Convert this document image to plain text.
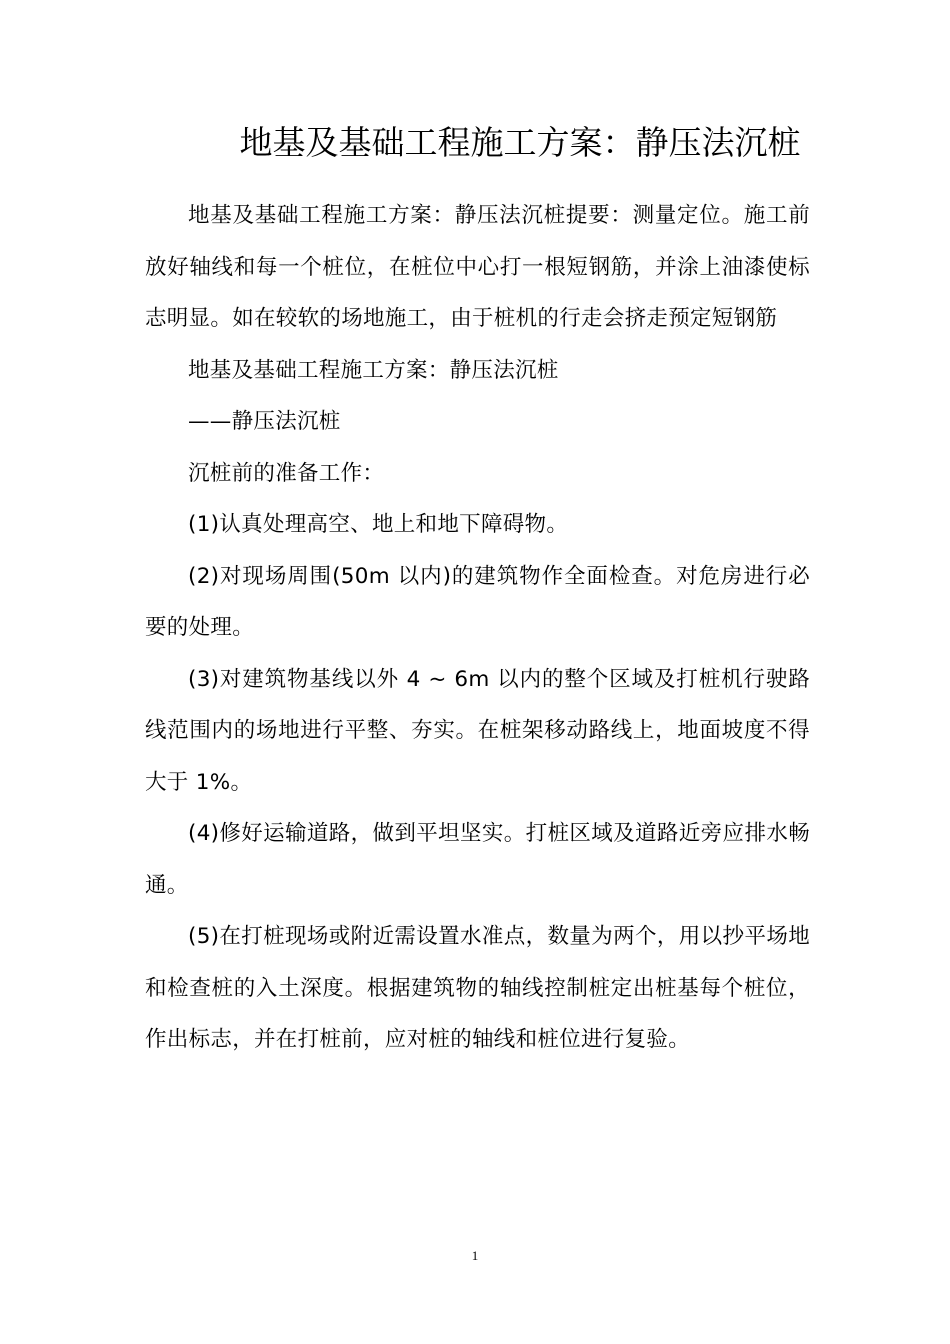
地基及基础工程施工方案：静压法沉桩

地基及基础工程施工方案：静压法沉桩提要：测量定位。施工前放好轴线和每一个桩位，在桩位中心打一根短钢筋，并涂上油漆使标志明显。如在较软的场地施工，由于桩机的行走会挤走预定短钢筋

地基及基础工程施工方案：静压法沉桩

——静压法沉桩

沉桩前的准备工作：

(1)认真处理高空、地上和地下障碍物。

(2)对现场周围(50m 以内)的建筑物作全面检查。对危房进行必要的处理。

(3)对建筑物基线以外 4 ~ 6m 以内的整个区域及打桩机行驶路线范围内的场地进行平整、夯实。在桩架移动路线上，地面坡度不得大于 1%。

(4)修好运输道路，做到平坦坚实。打桩区域及道路近旁应排水畅通。

(5)在打桩现场或附近需设置水准点，数量为两个，用以抄平场地和检查桩的入土深度。根据建筑物的轴线控制桩定出桩基每个桩位，作出标志，并在打桩前，应对桩的轴线和桩位进行复验。

1
